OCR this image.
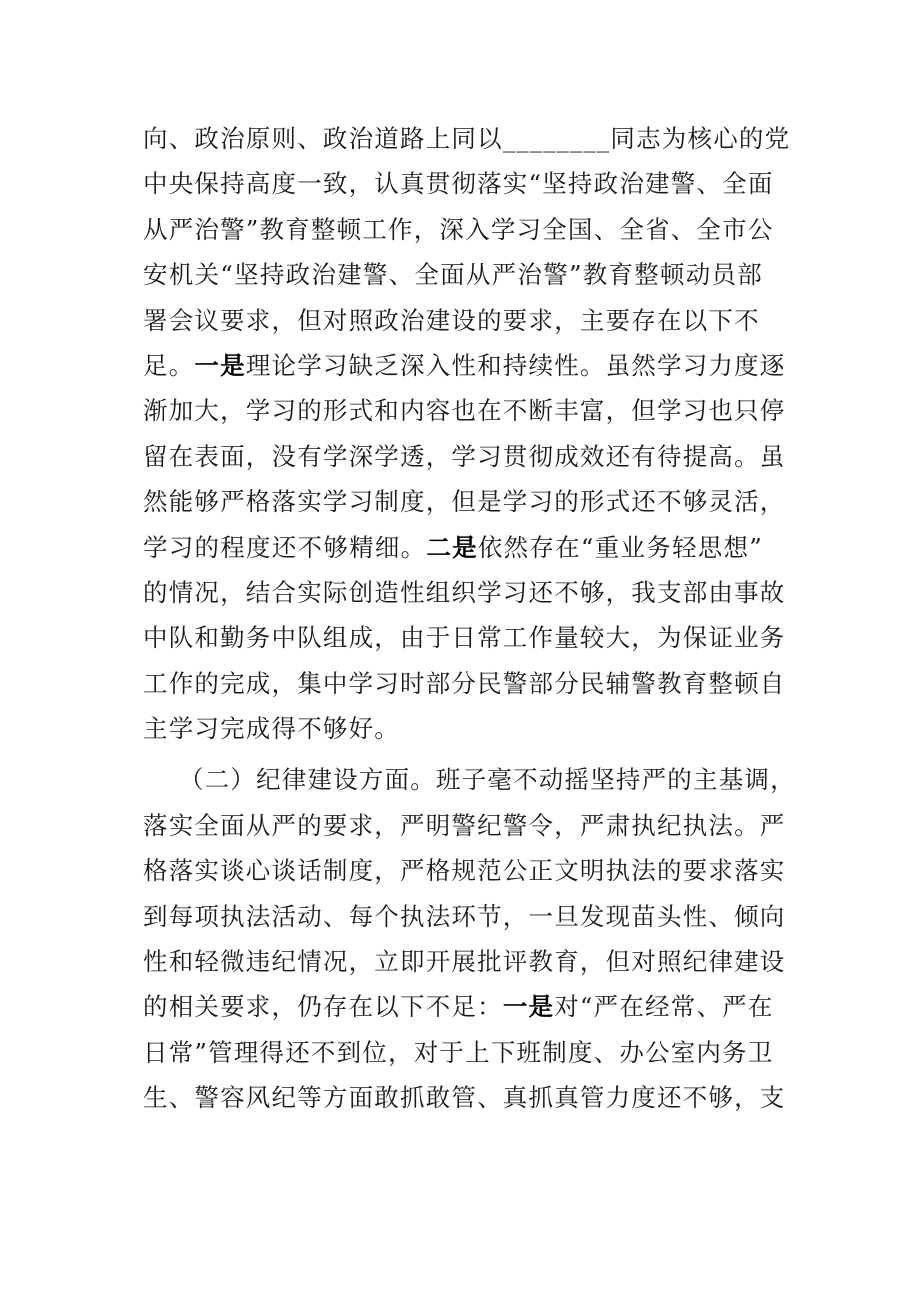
向、政治原则、政治道路上同以________同志为核心的党
中央保持高度一致，认真贯彻落实“坚持政治建警、全面
从严治警”教育整顿工作，深入学习全国、全省、全市公
安机关“坚持政治建警、全面从严治警”教育整顿动员部
署会议要求，但对照政治建设的要求，主要存在以下不
足。一是理论学习缺乏深入性和持续性。虽然学习力度逐
渐加大，学习的形式和内容也在不断丰富，但学习也只停
留在表面，没有学深学透，学习贯彻成效还有待提高。虽
然能够严格落实学习制度，但是学习的形式还不够灵活，
学习的程度还不够精细。二是依然存在“重业务轻思想”
的情况，结合实际创造性组织学习还不够，我支部由事故
中队和勤务中队组成，由于日常工作量较大，为保证业务
工作的完成，集中学习时部分民警部分民辅警教育整顿自
主学习完成得不够好。
（二）纪律建设方面。班子毫不动摇坚持严的主基调，
落实全面从严的要求，严明警纪警令，严肃执纪执法。严
格落实谈心谈话制度，严格规范公正文明执法的要求落实
到每项执法活动、每个执法环节，一旦发现苗头性、倾向
性和轻微违纪情况，立即开展批评教育，但对照纪律建设
的相关要求，仍存在以下不足：一是对“严在经常、严在
日常”管理得还不到位，对于上下班制度、办公室内务卫
生、警容风纪等方面敢抓敢管、真抓真管力度还不够，支
